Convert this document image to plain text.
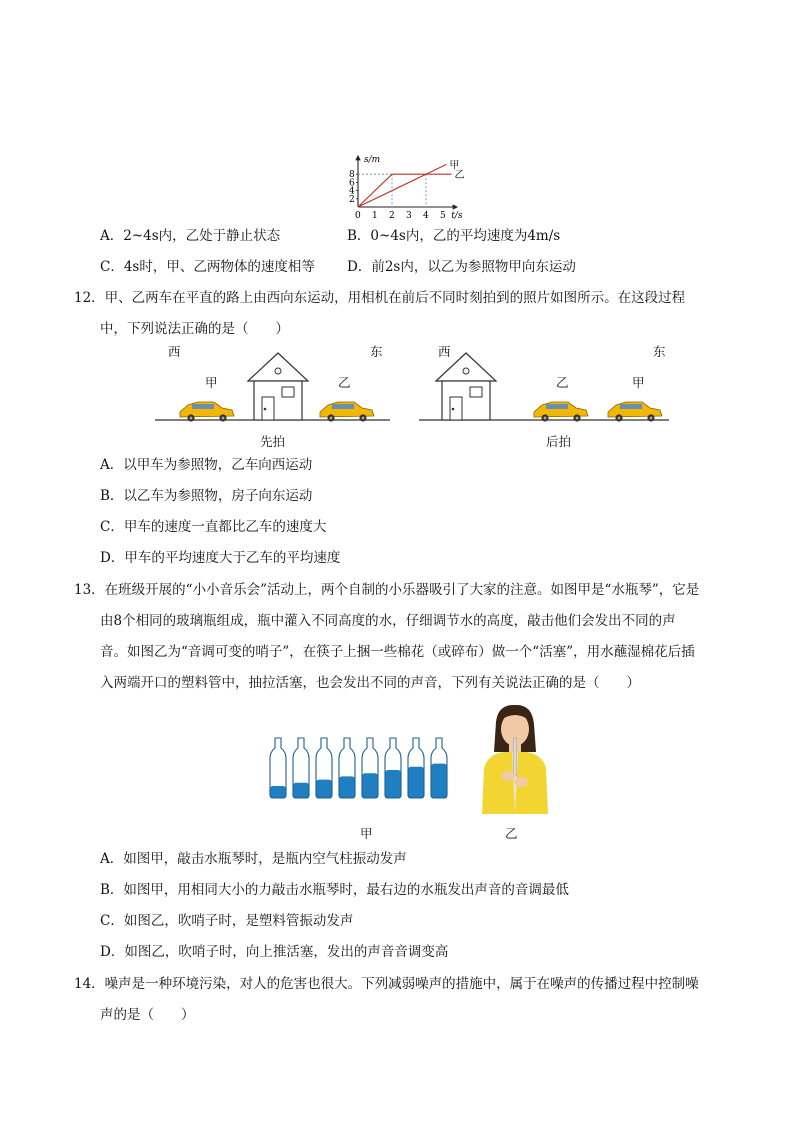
s/m
t/s
甲
乙
0 1 2 3 4 5
2
4
6
8
A．2~4s内，乙处于静止状态	B．0~4s内，乙的平均速度为4m/s
C．4s时，甲、乙两物体的速度相等 D．前2s内，以乙为参照物甲向东运动
12．甲、乙两车在平直的路上由西向东运动，用相机在前后不同时刻拍到的照片如图所示。在这段过程
中，下列说法正确的是（　　）
西	东
甲	乙
先拍
西	东
乙	甲
后拍
A．以甲车为参照物，乙车向西运动
B．以乙车为参照物，房子向东运动
C．甲车的速度一直都比乙车的速度大
D．甲车的平均速度大于乙车的平均速度
13．在班级开展的“小小音乐会”活动上，两个自制的小乐器吸引了大家的注意。如图甲是“水瓶琴”，它是
由8个相同的玻璃瓶组成，瓶中灌入不同高度的水，仔细调节水的高度，敲击他们会发出不同的声
音。如图乙为“音调可变的哨子”，在筷子上捆一些棉花（或碎布）做一个“活塞”，用水蘸湿棉花后插
入两端开口的塑料管中，抽拉活塞，也会发出不同的声音，下列有关说法正确的是（　　）
甲	乙
A．如图甲，敲击水瓶琴时，是瓶内空气柱振动发声
B．如图甲，用相同大小的力敲击水瓶琴时，最右边的水瓶发出声音的音调最低
C．如图乙，吹哨子时，是塑料管振动发声
D．如图乙，吹哨子时，向上推活塞，发出的声音音调变高
14．噪声是一种环境污染，对人的危害也很大。下列减弱噪声的措施中，属于在噪声的传播过程中控制噪
声的是（　　）
